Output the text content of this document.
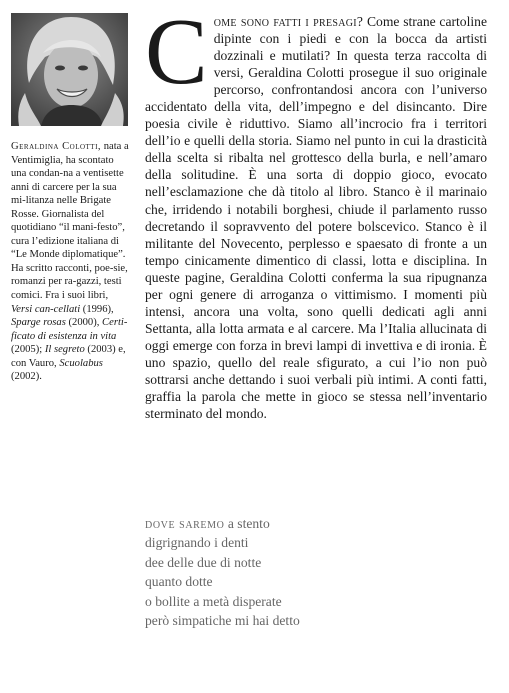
Geraldina Colotti, nata a Ventimiglia, ha scontato una condan-na a ventisette anni di carcere per la sua mi-litanza nelle Brigate Rosse. Giornalista del quotidiano “il mani-festo”, cura l’edizione italiana di “Le Monde diplomatique”. Ha scritto racconti, poe-sie, romanzi per ra-gazzi, testi comici. Fra i suoi libri, Versi can-cellati (1996), Sparge rosas (2000), Certi-ficato di esistenza in vita (2005); Il segreto (2003) e, con Vauro, Scuolabus (2002).
Come sono fatti i presagi? Come strane cartoline dipinte con i piedi e con la bocca da artisti dozzinali e mutilati? In questa terza raccolta di versi, Geraldina Colotti prosegue il suo originale percorso, confrontandosi ancora con l’universo accidentato della vita, dell’impegno e del disincanto. Dire poesia civile è riduttivo. Siamo all’incrocio fra i territori dell’io e quelli della storia. Siamo nel punto in cui la drasticità della scelta si ribalta nel grottesco della burla, e nell’amaro della solitudine. È una sorta di doppio gioco, evocato nell’esclamazione che dà titolo al libro. Stanco è il marinaio che, irridendo i notabili borghesi, chiude il parlamento russo decretando il sopravvento del potere bolscevico. Stanco è il militante del Novecento, perplesso e spaesato di fronte a un tempo cinicamente dimentico di classi, lotta e disciplina. In queste pagine, Geraldina Colotti conferma la sua ripugnanza per ogni genere di arroganza o vittimismo. I momenti più intensi, ancora una volta, sono quelli dedicati agli anni Settanta, alla lotta armata e al carcere. Ma l’Italia allucinata di oggi emerge con forza in brevi lampi di invettiva e di ironia. È uno spazio, quello del reale sfigurato, a cui l’io non può sottrarsi anche dettando i suoi verbali più intimi. A conti fatti, graffia la parola che mette in gioco se stessa nell’inventario sterminato del mondo.
dove saremo a stento
digrignando i denti
dee delle due di notte
quanto dotte
o bollite a metà disperate
però simpatiche mi hai detto
